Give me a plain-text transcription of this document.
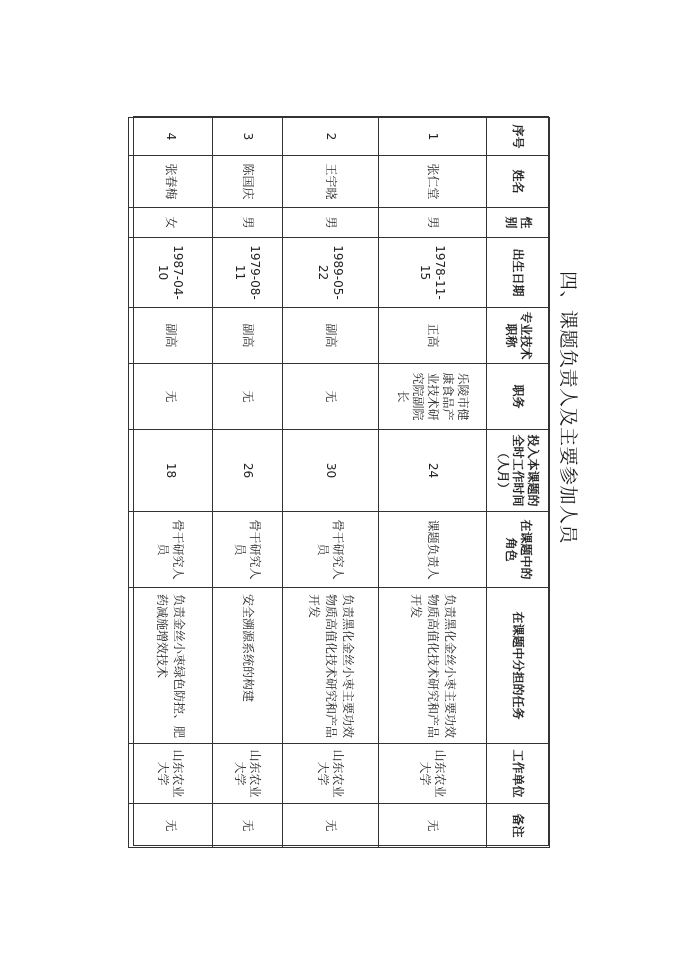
四、课题负责人及主要参加人员
序号	姓名	性别	出生日期	专业技术职称	职务	投入本课题的全时工作时间（人月）	在课题中的角色	在课题中分担的任务	工作单位	备注
1	张仁堂	男	1978-11-15	正高	乐陵市健康食品产业技术研究院副院长	24	课题负责人	负责黑化金丝小枣主要功效物质高值化技术研究和产品开发	山东农业大学	无
2	王宇晓	男	1989-05-22	副高	无	30	骨干研究人员	负责黑化金丝小枣主要功效物质高值化技术研究和产品开发	山东农业大学	无
3	陈国庆	男	1979-08-11	副高	无	26	骨干研究人员	安全溯源系统的构建	山东农业大学	无
4	张春梅	女	1987-04-10	副高	无	18	骨干研究人员	负责金丝小枣绿色防控、肥药减施增效技术	山东农业大学	无
